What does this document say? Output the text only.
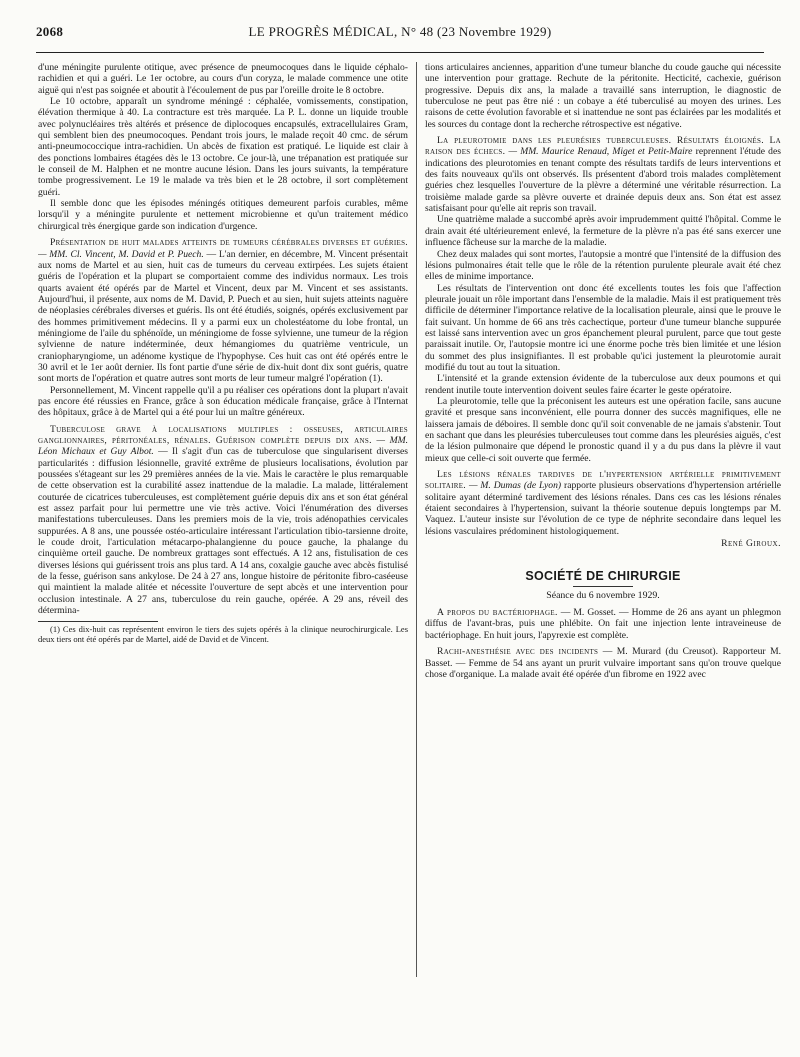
2068	LE PROGRÈS MÉDICAL, N° 48 (23 Novembre 1929)

d'une méningite purulente otitique, avec présence de pneumocoques dans le liquide céphalo-rachidien et qui a guéri. Le 1er octobre, au cours d'un coryza, le malade commence une otite aiguë qui n'est pas soignée et aboutit à l'écoulement de pus par l'oreille droite le 8 octobre.

Le 10 octobre, apparaît un syndrome méningé : céphalée, vomissements, constipation, élévation thermique à 40. La contracture est très marquée. La P. L. donne un liquide trouble avec polynucléaires très altérés et présence de diplocoques encapsulés, extracellulaires Gram, qui semblent bien des pneumocoques. Pendant trois jours, le malade reçoit 40 cmc. de sérum anti-pneumococcique intra-rachidien. Un abcès de fixation est pratiqué. Le liquide est clair à des ponctions lombaires étagées dès le 13 octobre. Ce jour-là, une trépanation est pratiquée sur le conseil de M. Halphen et ne montre aucune lésion. Dans les jours suivants, la température tombe progressivement. Le 19 le malade va très bien et le 28 octobre, il sort complètement guéri.

Il semble donc que les épisodes méningés otitiques demeurent parfois curables, même lorsqu'il y a méningite purulente et nettement microbienne et qu'un traitement médico chirurgical très énergique garde son indication d'urgence.

Présentation de huit malades atteints de tumeurs cérébrales diverses et guéries. — MM. Cl. Vincent, M. David et P. Puech. — L'an dernier, en décembre, M. Vincent présentait aux noms de Martel et au sien, huit cas de tumeurs du cerveau extirpées. Les sujets étaient guéris de l'opération et la plupart se comportaient comme des individus normaux. Les trois quarts avaient été opérés par de Martel et Vincent, deux par M. Vincent et ses assistants. Aujourd'hui, il présente, aux noms de M. David, P. Puech et au sien, huit sujets atteints naguère de néoplasies cérébrales diverses et guéris. Ils ont été étudiés, soignés, opérés exclusivement par des hommes primitivement médecins. Il y a parmi eux un cholestéatome du lobe frontal, un méningiome de l'aile du sphénoïde, un méningiome de fosse sylvienne, une tumeur de la région sylvienne de nature indéterminée, deux hémangiomes du quatrième ventricule, un craniopharyngiome, un adénome kystique de l'hypophyse. Ces huit cas ont été opérés entre le 30 avril et le 1er août dernier. Ils font partie d'une série de dix-huit dont dix sont guéris, quatre sont morts de l'opération et quatre autres sont morts de leur tumeur malgré l'opération (1).

Personnellement, M. Vincent rappelle qu'il a pu réaliser ces opérations dont la plupart n'avait pas encore été réussies en France, grâce à son éducation médicale française, grâce à l'Internat des hôpitaux, grâce à de Martel qui a été pour lui un maître généreux.

Tuberculose grave à localisations multiples : osseuses, articulaires ganglionnaires, péritonéales, rénales. Guérison complète depuis dix ans. — MM. Léon Michaux et Guy Albot. — Il s'agit d'un cas de tuberculose que singularisent diverses particularités : diffusion lésionnelle, gravité extrême de plusieurs localisations, évolution par poussées s'étageant sur les 29 premières années de la vie. Mais le caractère le plus remarquable de cette observation est la curabilité assez inattendue de la maladie. La malade, littéralement couturée de cicatrices tuberculeuses, est complètement guérie depuis dix ans et son état général est assez parfait pour lui permettre une vie très active. Voici l'énumération des diverses manifestations tuberculeuses. Dans les premiers mois de la vie, trois adénopathies cervicales suppurées. A 8 ans, une poussée ostéo-articulaire intéressant l'articulation tibio-tarsienne droite, le coude droit, l'articulation métacarpo-phalangienne du pouce gauche, la phalange du cinquième orteil gauche. De nombreux grattages sont effectués. A 12 ans, fistulisation de ces diverses lésions qui guérissent trois ans plus tard. A 14 ans, coxalgie gauche avec abcès fistulisé de la fesse, guérison sans ankylose. De 24 à 27 ans, longue histoire de péritonite fibro-caséeuse qui maintient la malade alitée et nécessite l'ouverture de sept abcès et une intervention pour occlusion intestinale. A 27 ans, tuberculose du rein gauche, opérée. A 29 ans, réveil des détermina-

(1) Ces dix-huit cas représentent environ le tiers des sujets opérés à la clinique neurochirurgicale. Les deux tiers ont été opérés par de Martel, aidé de David et de Vincent.

tions articulaires anciennes, apparition d'une tumeur blanche du coude gauche qui nécessite une intervention pour grattage. Rechute de la péritonite. Hecticité, cachexie, guérison progressive. Depuis dix ans, la malade a travaillé sans interruption, le diagnostic de tuberculose ne peut pas être nié : un cobaye a été tuberculisé au moyen des urines. Les raisons de cette évolution favorable et si inattendue ne sont pas éclairées par les modalités et les sources du contage dont la recherche rétrospective est négative.

La pleurotomie dans les pleurésies tuberculeuses. Résultats éloignés. La raison des échecs. — MM. Maurice Renaud, Miget et Petit-Maire reprennent l'étude des indications des pleurotomies en tenant compte des résultats tardifs de leurs interventions et des faits nouveaux qu'ils ont observés. Ils présentent d'abord trois malades complètement guéries chez lesquelles l'ouverture de la plèvre a déterminé une véritable résurrection. La troisième malade garde sa plèvre ouverte et drainée depuis deux ans. Son état est assez satisfaisant pour qu'elle ait repris son travail.

Une quatrième malade a succombé après avoir imprudemment quitté l'hôpital. Comme le drain avait été ultérieurement enlevé, la fermeture de la plèvre n'a pas été sans exercer une influence fâcheuse sur la marche de la maladie.

Chez deux malades qui sont mortes, l'autopsie a montré que l'intensité de la diffusion des lésions pulmonaires était telle que le rôle de la rétention purulente pleurale avait été chez elles de minime importance.

Les résultats de l'intervention ont donc été excellents toutes les fois que l'affection pleurale jouait un rôle important dans l'ensemble de la maladie. Mais il est pratiquement très difficile de déterminer l'importance relative de la localisation pleurale, ainsi que le prouve le fait suivant. Un homme de 66 ans très cachectique, porteur d'une tumeur blanche suppurée est laissé sans intervention avec un gros épanchement pleural purulent, parce que tout geste paraissait inutile. Or, l'autopsie montre ici une énorme poche très bien limitée et une lésion du sommet des plus insignifiantes. Il est probable qu'ici justement la pleurotomie aurait modifié du tout au tout la situation.

L'intensité et la grande extension évidente de la tuberculose aux deux poumons et qui rendent inutile toute intervention doivent seules faire écarter le geste opératoire.

La pleurotomie, telle que la préconisent les auteurs est une opération facile, sans aucune gravité et presque sans inconvénient, elle pourra donner des succès magnifiques, elle ne laissera jamais de déboires. Il semble donc qu'il soit convenable de ne jamais s'abstenir. Tout en sachant que dans les pleurésies tuberculeuses tout comme dans les pleurésies aiguës, c'est de la lésion pulmonaire que dépend le pronostic quand il y a du pus dans la plèvre il vaut mieux que celle-ci soit ouverte que fermée.

Les lésions rénales tardives de l'hypertension artérielle primitivement solitaire. — M. Dumas (de Lyon) rapporte plusieurs observations d'hypertension artérielle solitaire ayant déterminé tardivement des lésions rénales. Dans ces cas les lésions rénales étaient secondaires à l'hypertension, suivant la théorie soutenue depuis longtemps par M. Vaquez. L'auteur insiste sur l'évolution de ce type de néphrite secondaire dans lequel les lésions vasculaires prédominent histologiquement.

René Giroux.
SOCIÉTÉ DE CHIRURGIE
Séance du 6 novembre 1929.

A propos du bactériophage. — M. Gosset. — Homme de 26 ans ayant un phlegmon diffus de l'avant-bras, puis une phlébite. On fait une injection lente intraveineuse de bactériophage. En huit jours, l'apyrexie est complète.

Rachi-anesthésie avec des incidents — M. Murard (du Creusot). Rapporteur M. Basset. — Femme de 54 ans ayant un prurit vulvaire important sans qu'on trouve quelque chose d'organique. La malade avait été opérée d'un fibrome en 1922 avec
